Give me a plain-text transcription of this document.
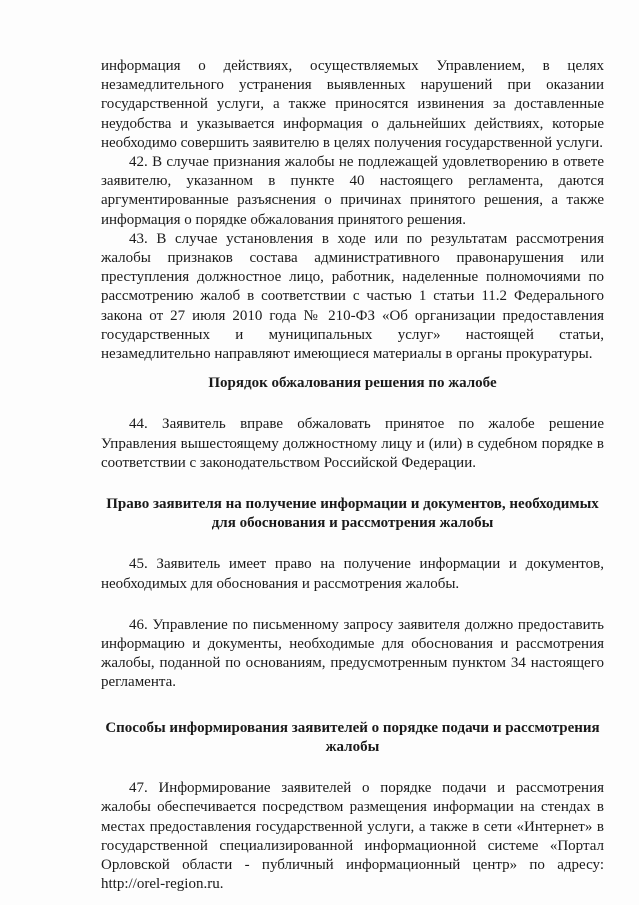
информация о действиях, осуществляемых Управлением, в целях незамедлительного устранения выявленных нарушений при оказании государственной услуги, а также приносятся извинения за доставленные неудобства и указывается информация о дальнейших действиях, которые необходимо совершить заявителю в целях получения государственной услуги.

42. В случае признания жалобы не подлежащей удовлетворению в ответе заявителю, указанном в пункте 40 настоящего регламента, даются аргументированные разъяснения о причинах принятого решения, а также информация о порядке обжалования принятого решения.

43. В случае установления в ходе или по результатам рассмотрения жалобы признаков состава административного правонарушения или преступления должностное лицо, работник, наделенные полномочиями по рассмотрению жалоб в соответствии с частью 1 статьи 11.2 Федерального закона от 27 июля 2010 года № 210-ФЗ «Об организации предоставления государственных и муниципальных услуг» настоящей статьи, незамедлительно направляют имеющиеся материалы в органы прокуратуры.

Порядок обжалования решения по жалобе

44. Заявитель вправе обжаловать принятое по жалобе решение Управления вышестоящему должностному лицу и (или) в судебном порядке в соответствии с законодательством Российской Федерации.

Право заявителя на получение информации и документов, необходимых для обоснования и рассмотрения жалобы

45. Заявитель имеет право на получение информации и документов, необходимых для обоснования и рассмотрения жалобы.

46. Управление по письменному запросу заявителя должно предоставить информацию и документы, необходимые для обоснования и рассмотрения жалобы, поданной по основаниям, предусмотренным пунктом 34 настоящего регламента.

Способы информирования заявителей о порядке подачи и рассмотрения жалобы

47. Информирование заявителей о порядке подачи и рассмотрения жалобы обеспечивается посредством размещения информации на стендах в местах предоставления государственной услуги, а также в сети «Интернет» в государственной специализированной информационной системе «Портал Орловской области - публичный информационный центр» по адресу: http://orel-region.ru.
